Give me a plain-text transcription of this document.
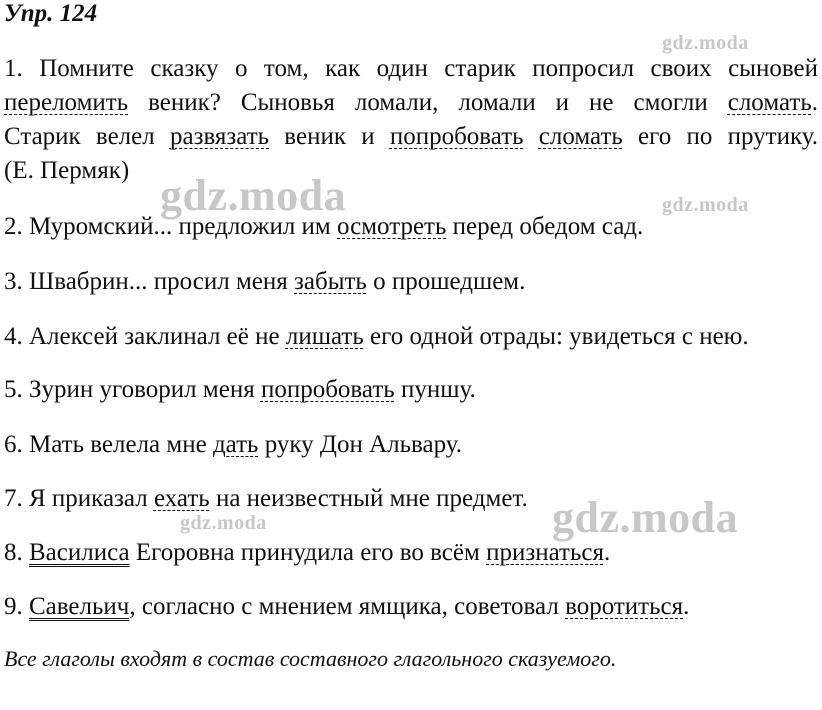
Упр. 124
1. Помните сказку о том, как один старик попросил своих сыновей
переломить веник? Сыновья ломали, ломали и не смогли сломать.
Старик велел развязать веник и попробовать сломать его по прутику.
(Е. Пермяк)
2. Муромский... предложил им осмотреть перед обедом сад.
3. Швабрин... просил меня забыть о прошедшем.
4. Алексей заклинал её не лишать его одной отрады: увидеться с нею.
5. Зурин уговорил меня попробовать пуншу.
6. Мать велела мне дать руку Дон Альвару.
7. Я приказал ехать на неизвестный мне предмет.
8. Василиса Егоровна принудила его во всём признаться.
9. Савельич, согласно с мнением ямщика, советовал воротиться.
Все глаголы входят в состав составного глагольного сказуемого.
gdz.moda
gdz.moda	gdz.moda
gdz.moda	gdz.moda
